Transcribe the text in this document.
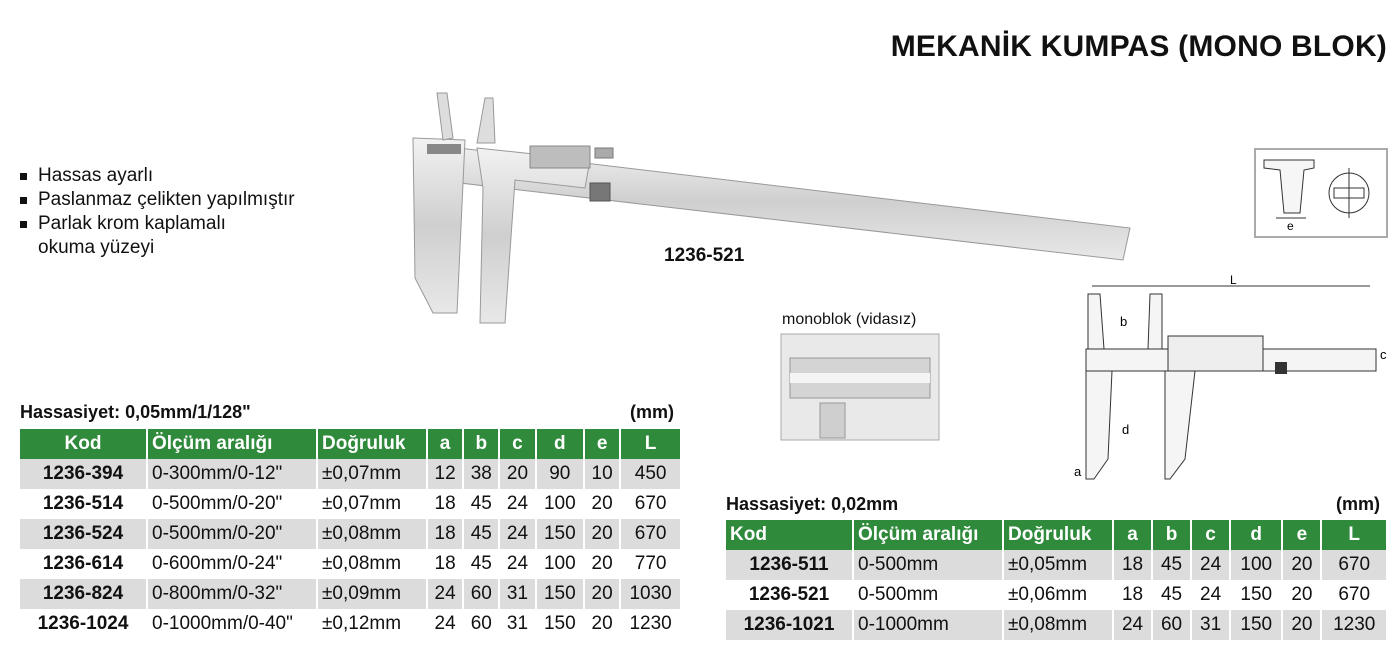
MEKANİK KUMPAS (MONO BLOK)
Hassas ayarlı
Paslanmaz çelikten yapılmıştır
Parlak krom kaplamalı okuma yüzeyi	1236-521
e
monoblok (vidasız)
L
b
c
d
a
Hassasiyet: 0,05mm/1/128"	(mm)
Kod	Ölçüm aralığı	Doğruluk	a	b	c	d	e	L
1236-394	0-300mm/0-12"	±0,07mm	12	38	20	90	10	450
1236-514	0-500mm/0-20"	±0,07mm	18	45	24	100	20	670
1236-524	0-500mm/0-20"	±0,08mm	18	45	24	150	20	670
1236-614	0-600mm/0-24"	±0,08mm	18	45	24	100	20	770
1236-824	0-800mm/0-32"	±0,09mm	24	60	31	150	20	1030
1236-1024	0-1000mm/0-40"	±0,12mm	24	60	31	150	20	1230
Hassasiyet: 0,02mm	(mm)
Kod	Ölçüm aralığı	Doğruluk	a	b	c	d	e	L
1236-511	0-500mm	±0,05mm	18	45	24	100	20	670
1236-521	0-500mm	±0,06mm	18	45	24	150	20	670
1236-1021	0-1000mm	±0,08mm	24	60	31	150	20	1230
